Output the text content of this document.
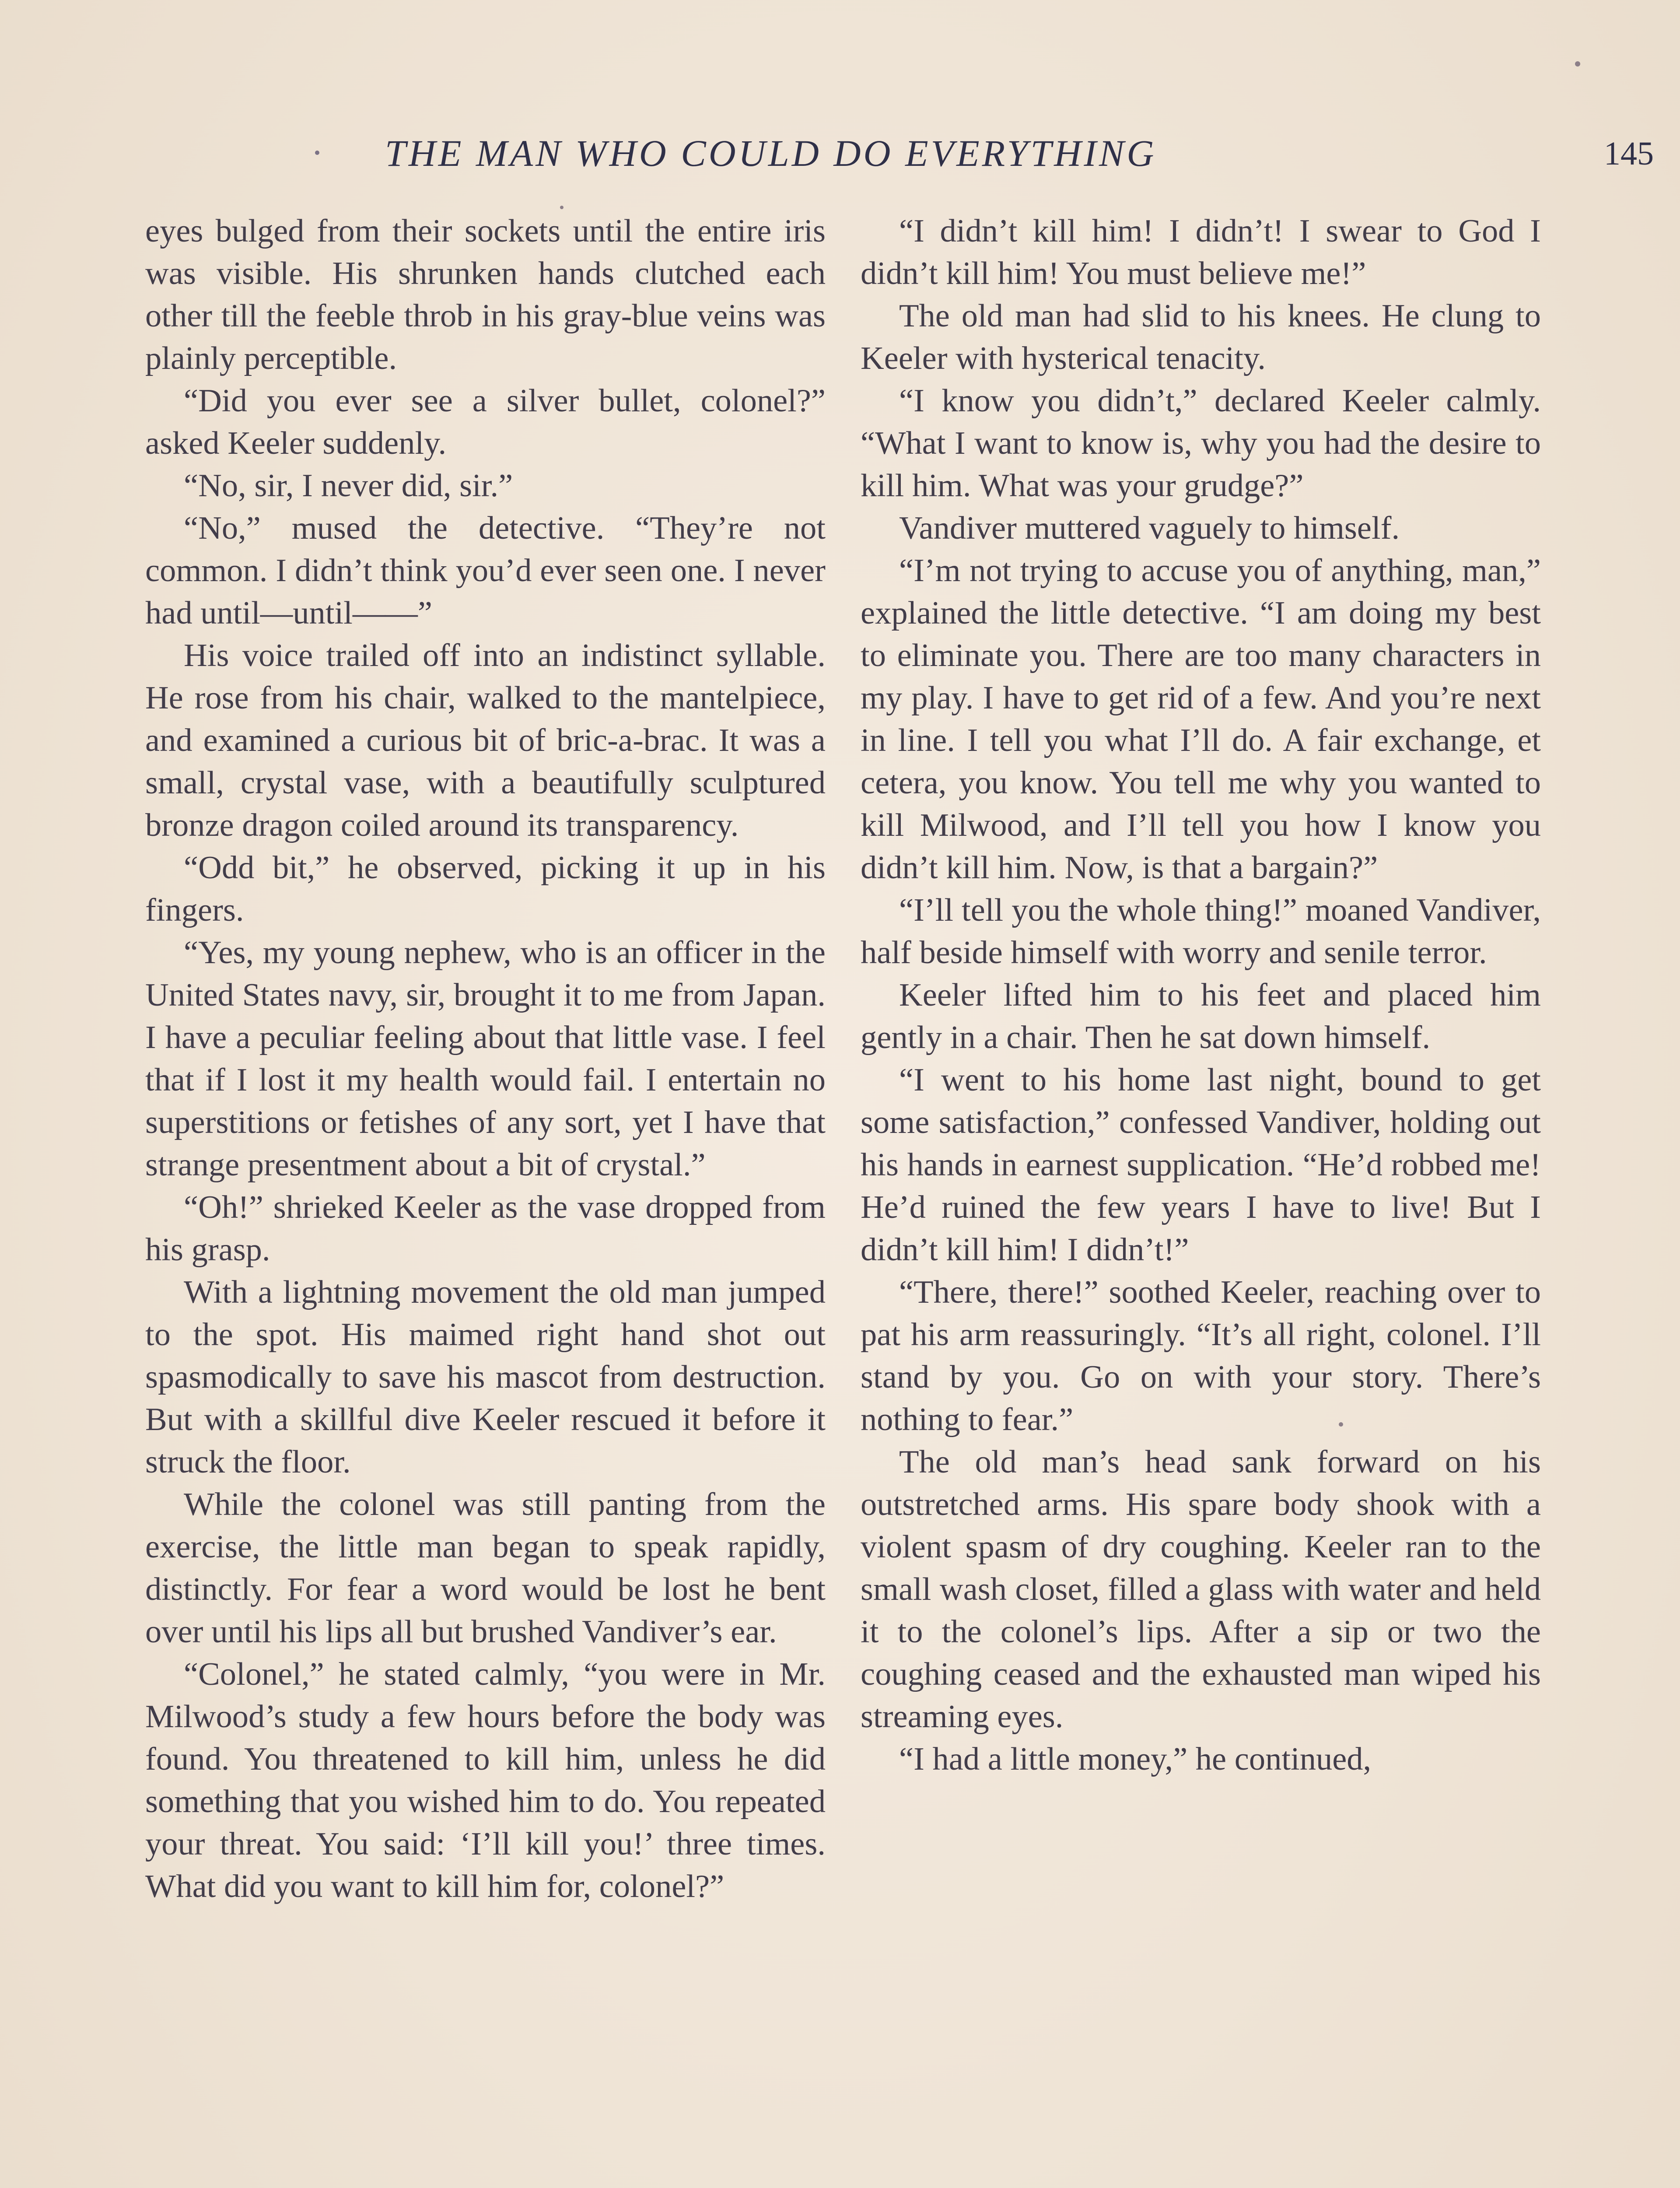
THE MAN WHO COULD DO EVERYTHING	145

eyes bulged from their sockets until the entire iris was visible. His shrunken hands clutched each other till the feeble throb in his gray-blue veins was plainly perceptible.

“Did you ever see a silver bullet, colonel?” asked Keeler suddenly.

“No, sir, I never did, sir.”

“No,” mused the detective. “They’re not common. I didn’t think you’d ever seen one. I never had until—until——”

His voice trailed off into an indistinct syllable. He rose from his chair, walked to the mantelpiece, and examined a curious bit of bric-a-brac. It was a small, crystal vase, with a beautifully sculptured bronze dragon coiled around its transparency.

“Odd bit,” he observed, picking it up in his fingers.

“Yes, my young nephew, who is an officer in the United States navy, sir, brought it to me from Japan. I have a peculiar feeling about that little vase. I feel that if I lost it my health would fail. I entertain no superstitions or fetishes of any sort, yet I have that strange presentment about a bit of crystal.”

“Oh!” shrieked Keeler as the vase dropped from his grasp.

With a lightning movement the old man jumped to the spot. His maimed right hand shot out spasmodically to save his mascot from destruction. But with a skillful dive Keeler rescued it before it struck the floor.

While the colonel was still panting from the exercise, the little man began to speak rapidly, distinctly. For fear a word would be lost he bent over until his lips all but brushed Vandiver’s ear.

“Colonel,” he stated calmly, “you were in Mr. Milwood’s study a few hours before the body was found. You threatened to kill him, unless he did something that you wished him to do. You repeated your threat. You said: ‘I’ll kill you!’ three times. What did you want to kill him for, colonel?”

“I didn’t kill him! I didn’t! I swear to God I didn’t kill him! You must believe me!”

The old man had slid to his knees. He clung to Keeler with hysterical tenacity.

“I know you didn’t,” declared Keeler calmly. “What I want to know is, why you had the desire to kill him. What was your grudge?”

Vandiver muttered vaguely to himself.

“I’m not trying to accuse you of anything, man,” explained the little detective. “I am doing my best to eliminate you. There are too many characters in my play. I have to get rid of a few. And you’re next in line. I tell you what I’ll do. A fair exchange, et cetera, you know. You tell me why you wanted to kill Milwood, and I’ll tell you how I know you didn’t kill him. Now, is that a bargain?”

“I’ll tell you the whole thing!” moaned Vandiver, half beside himself with worry and senile terror.

Keeler lifted him to his feet and placed him gently in a chair. Then he sat down himself.

“I went to his home last night, bound to get some satisfaction,” confessed Vandiver, holding out his hands in earnest supplication. “He’d robbed me! He’d ruined the few years I have to live! But I didn’t kill him! I didn’t!”

“There, there!” soothed Keeler, reaching over to pat his arm reassuringly. “It’s all right, colonel. I’ll stand by you. Go on with your story. There’s nothing to fear.”

The old man’s head sank forward on his outstretched arms. His spare body shook with a violent spasm of dry coughing. Keeler ran to the small wash closet, filled a glass with water and held it to the colonel’s lips. After a sip or two the coughing ceased and the exhausted man wiped his streaming eyes.

“I had a little money,” he continued,
